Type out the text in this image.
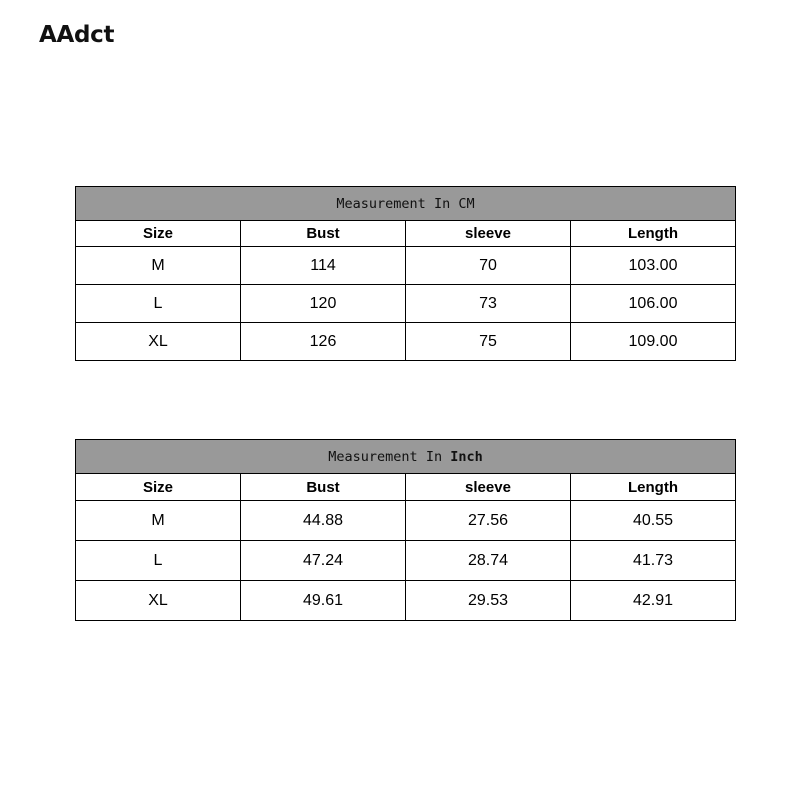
AAdct
Measurement In CM			
Size	Bust	sleeve	Length
M	114	70	103.00
L	120	73	106.00
XL	126	75	109.00
Measurement In Inch			
Size	Bust	sleeve	Length
M	44.88	27.56	40.55
L	47.24	28.74	41.73
XL	49.61	29.53	42.91
